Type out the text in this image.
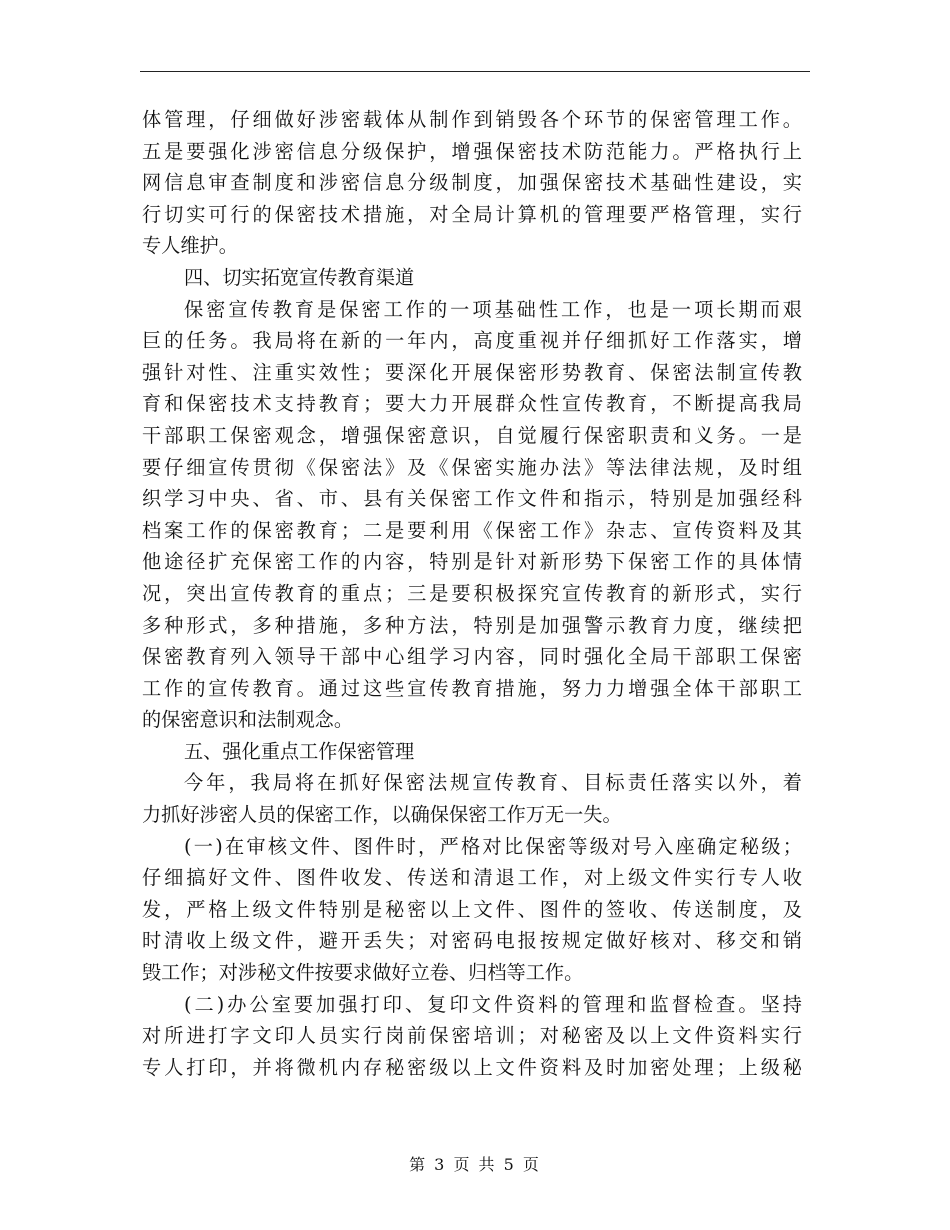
体管理，仔细做好涉密载体从制作到销毁各个环节的保密管理工作。
五是要强化涉密信息分级保护，增强保密技术防范能力。严格执行上
网信息审查制度和涉密信息分级制度，加强保密技术基础性建设，实
行切实可行的保密技术措施，对全局计算机的管理要严格管理，实行
专人维护。
四、切实拓宽宣传教育渠道
保密宣传教育是保密工作的一项基础性工作，也是一项长期而艰
巨的任务。我局将在新的一年内，高度重视并仔细抓好工作落实，增
强针对性、注重实效性；要深化开展保密形势教育、保密法制宣传教
育和保密技术支持教育；要大力开展群众性宣传教育，不断提高我局
干部职工保密观念，增强保密意识，自觉履行保密职责和义务。一是
要仔细宣传贯彻《保密法》及《保密实施办法》等法律法规，及时组
织学习中央、省、市、县有关保密工作文件和指示，特别是加强经科
档案工作的保密教育；二是要利用《保密工作》杂志、宣传资料及其
他途径扩充保密工作的内容，特别是针对新形势下保密工作的具体情
况，突出宣传教育的重点；三是要积极探究宣传教育的新形式，实行
多种形式，多种措施，多种方法，特别是加强警示教育力度，继续把
保密教育列入领导干部中心组学习内容，同时强化全局干部职工保密
工作的宣传教育。通过这些宣传教育措施，努力力增强全体干部职工
的保密意识和法制观念。
五、强化重点工作保密管理
今年，我局将在抓好保密法规宣传教育、目标责任落实以外，着
力抓好涉密人员的保密工作，以确保保密工作万无一失。
(一)在审核文件、图件时，严格对比保密等级对号入座确定秘级；
仔细搞好文件、图件收发、传送和清退工作，对上级文件实行专人收
发，严格上级文件特别是秘密以上文件、图件的签收、传送制度，及
时清收上级文件，避开丢失；对密码电报按规定做好核对、移交和销
毁工作；对涉秘文件按要求做好立卷、归档等工作。
(二)办公室要加强打印、复印文件资料的管理和监督检查。坚持
对所进打字文印人员实行岗前保密培训；对秘密及以上文件资料实行
专人打印，并将微机内存秘密级以上文件资料及时加密处理；上级秘
第 3 页 共 5 页
